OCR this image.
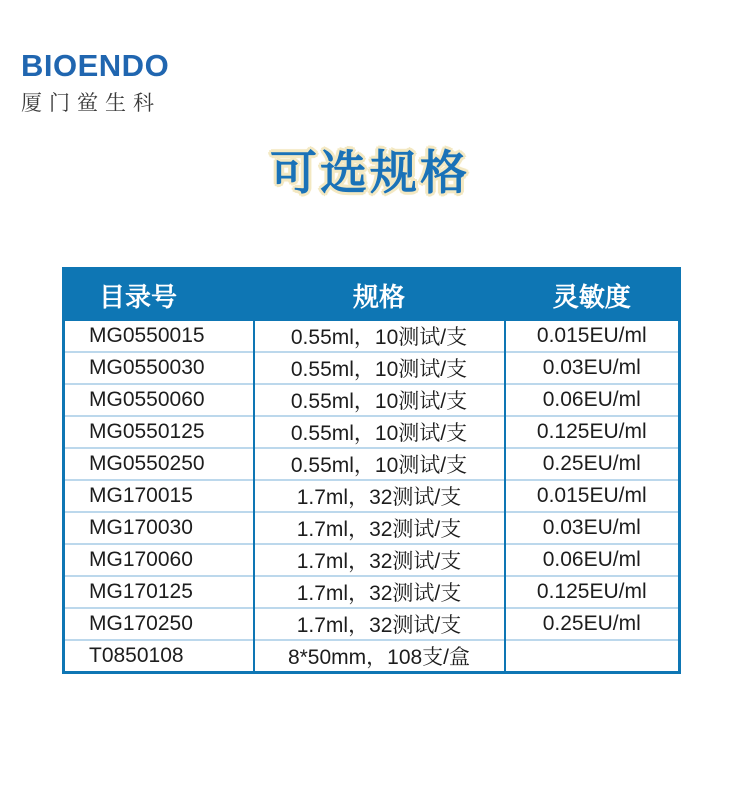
BIOENDO
厦门鲎生科
可选规格
目录号	规格	灵敏度
MG0550015	0.55ml，10测试/支	0.015EU/ml
MG0550030	0.55ml，10测试/支	0.03EU/ml
MG0550060	0.55ml，10测试/支	0.06EU/ml
MG0550125	0.55ml，10测试/支	0.125EU/ml
MG0550250	0.55ml，10测试/支	0.25EU/ml
MG170015	1.7ml，32测试/支	0.015EU/ml
MG170030	1.7ml，32测试/支	0.03EU/ml
MG170060	1.7ml，32测试/支	0.06EU/ml
MG170125	1.7ml，32测试/支	0.125EU/ml
MG170250	1.7ml，32测试/支	0.25EU/ml
T0850108	8*50mm，108支/盒	
